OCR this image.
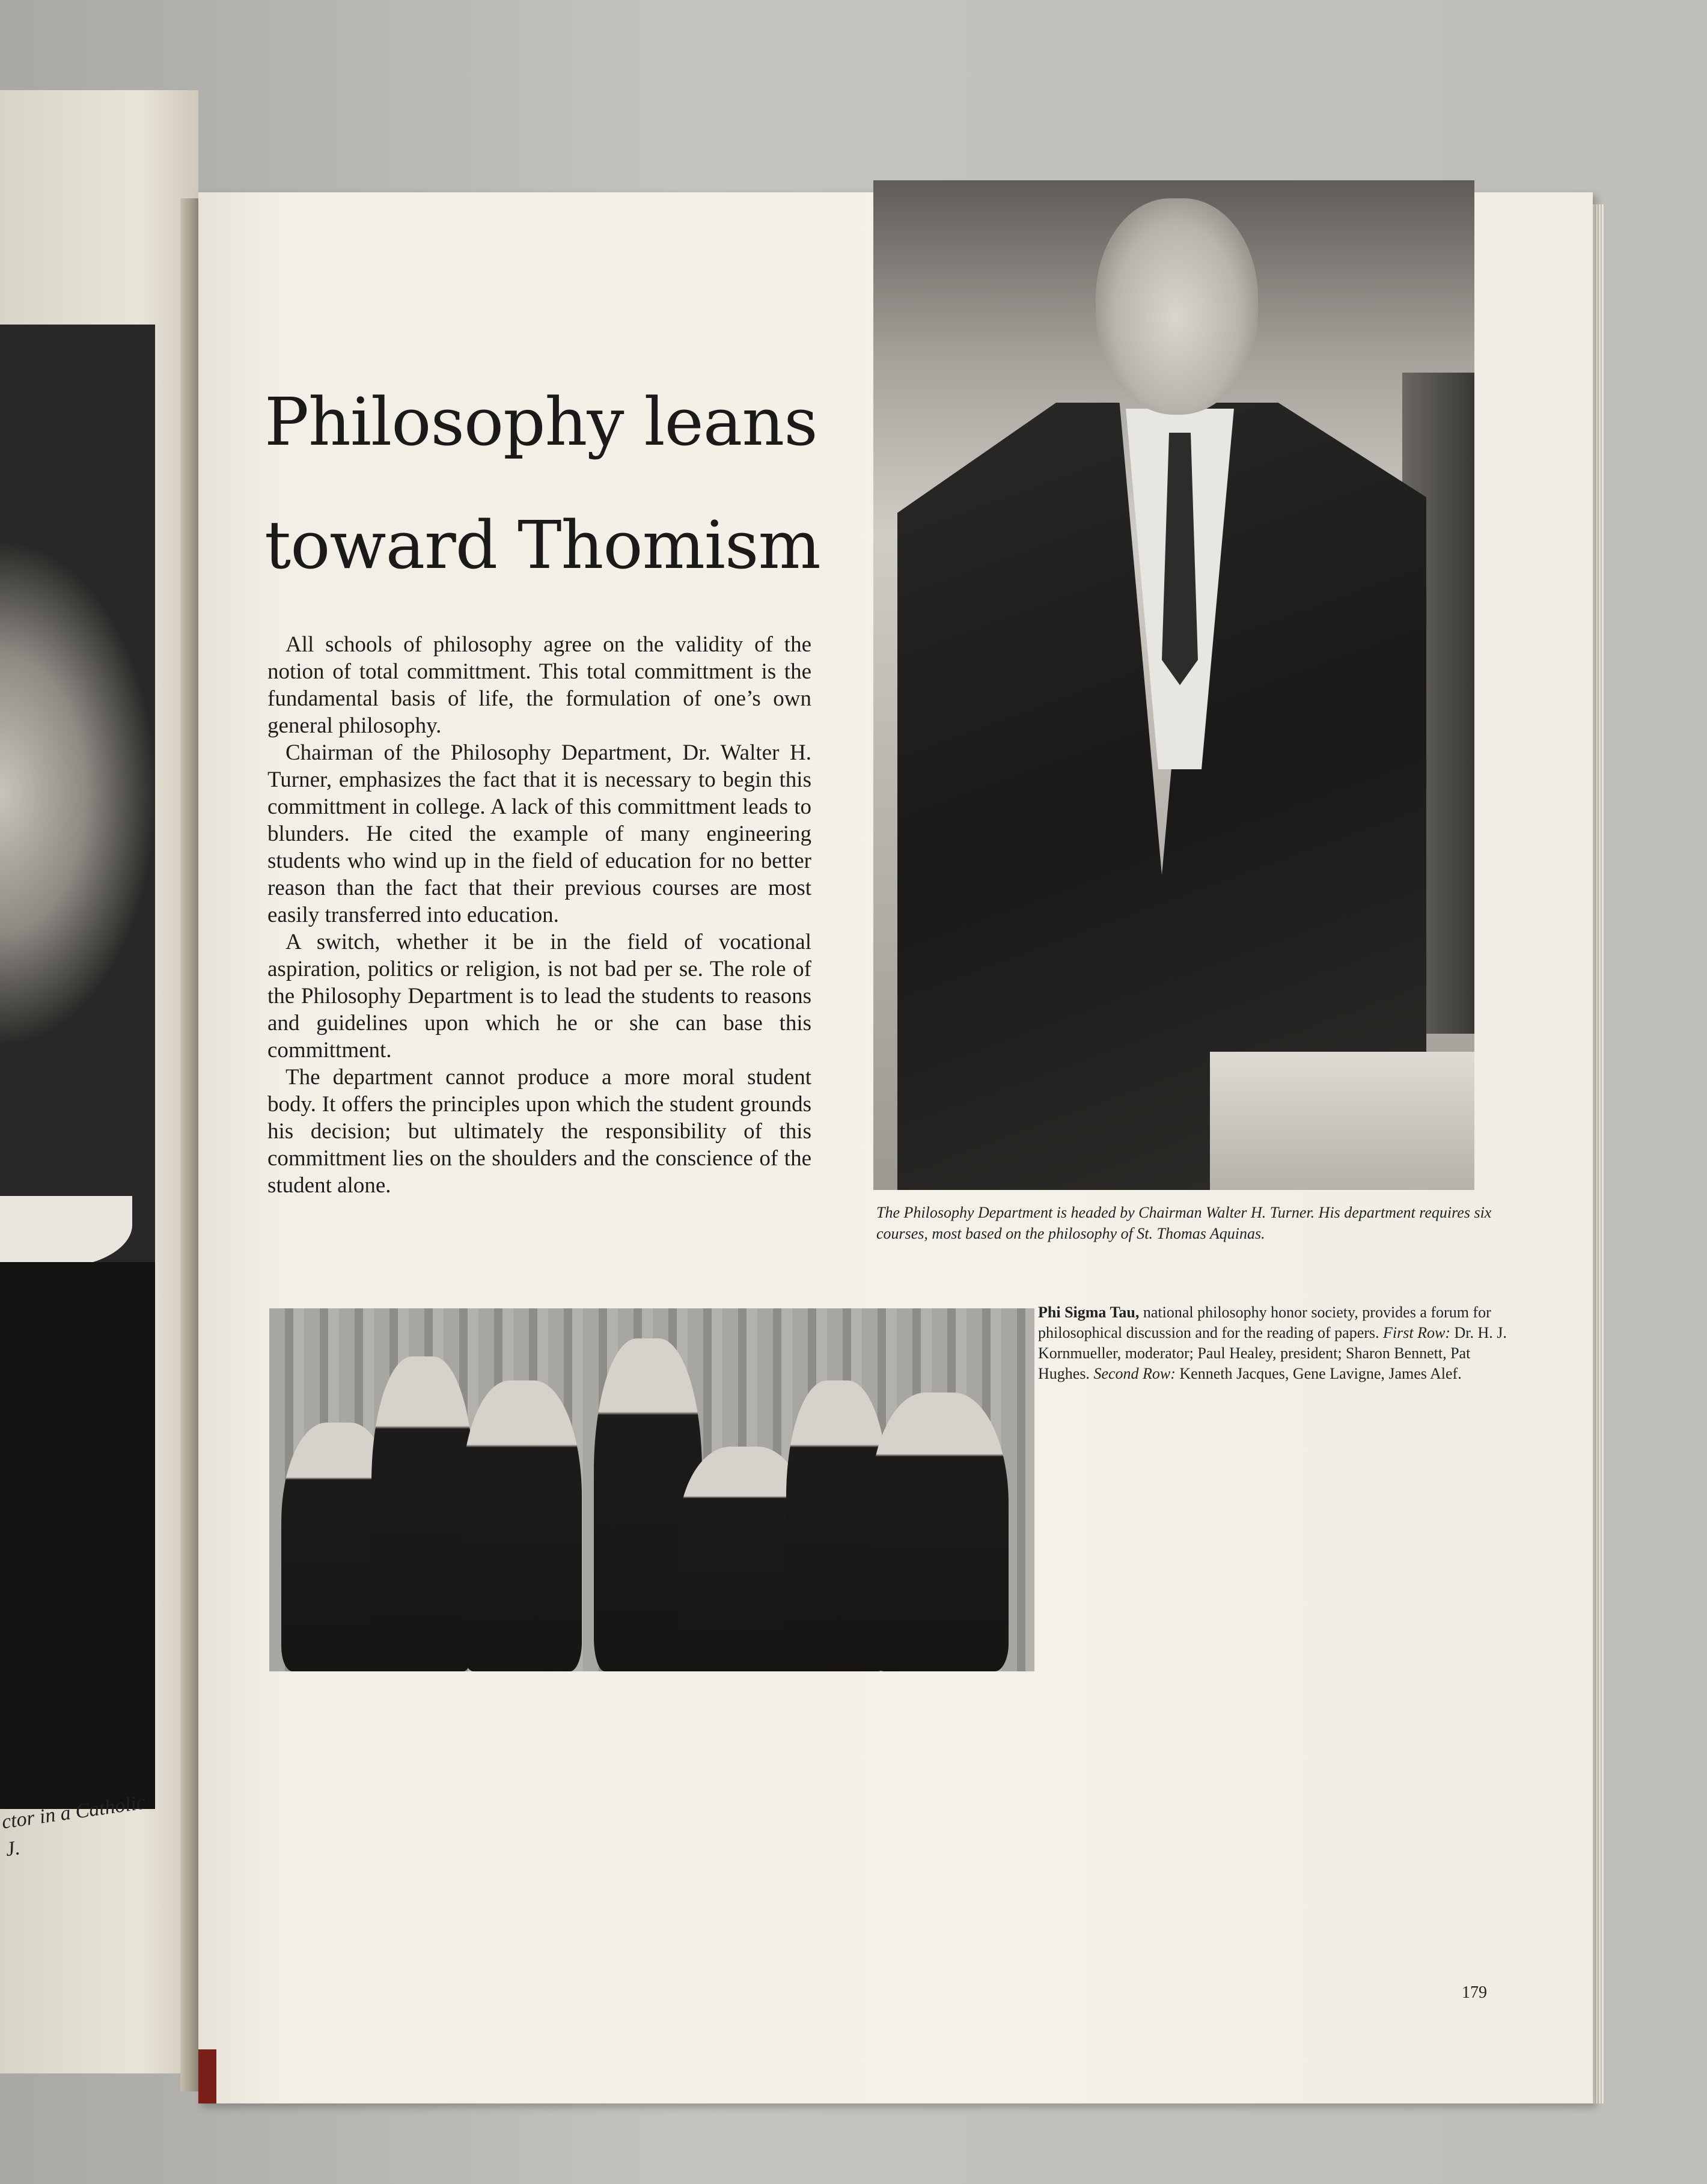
ctor in a Catholic
J.
Philosophy leans
toward Thomism

All schools of philosophy agree on the validity of the notion of total committment. This total committment is the fundamental basis of life, the formulation of one’s own general philosophy.

Chairman of the Philosophy Department, Dr. Walter H. Turner, emphasizes the fact that it is necessary to begin this committment in college. A lack of this committment leads to blunders. He cited the example of many engineering students who wind up in the field of education for no better reason than the fact that their previous courses are most easily transferred into education.

A switch, whether it be in the field of vocational aspiration, politics or religion, is not bad per se. The role of the Philosophy Department is to lead the students to reasons and guidelines upon which he or she can base this committment.

The department cannot produce a more moral student body. It offers the principles upon which the student grounds his decision; but ultimately the responsibility of this committment lies on the shoulders and the conscience of the student alone.

The Philosophy Department is headed by Chairman Walter H. Turner. His department requires six courses, most based on the philosophy of St. Thomas Aquinas.
Phi Sigma Tau, national philosophy honor society, provides a forum for philosophical discussion and for the reading of papers. First Row: Dr. H. J. Kornmueller, moderator; Paul Healey, president; Sharon Bennett, Pat Hughes. Second Row: Kenneth Jacques, Gene Lavigne, James Alef.
179
